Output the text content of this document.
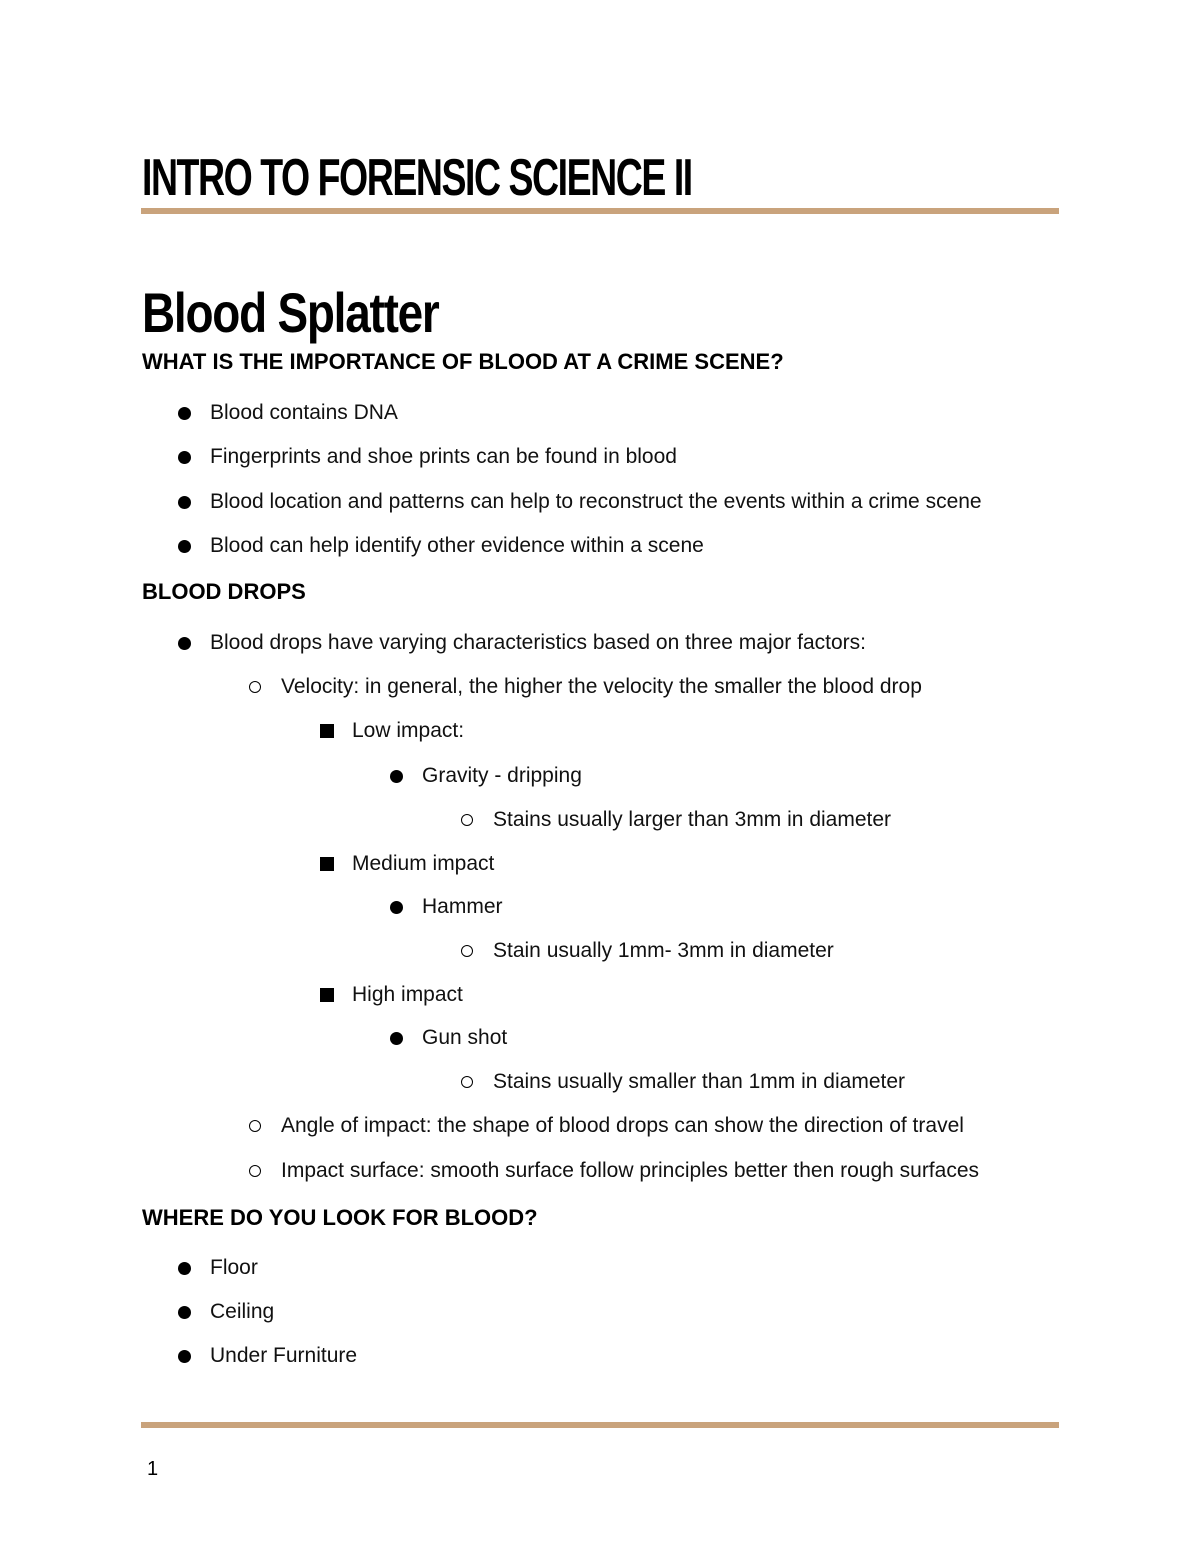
INTRO TO FORENSIC SCIENCE II
Blood Splatter
WHAT IS THE IMPORTANCE OF BLOOD AT A CRIME SCENE?
Blood contains DNA
Fingerprints and shoe prints can be found in blood
Blood location and patterns can help to reconstruct the events within a crime scene
Blood can help identify other evidence within a scene
BLOOD DROPS
Blood drops have varying characteristics based on three major factors:
Velocity: in general, the higher the velocity the smaller the blood drop
Low impact:
Gravity - dripping
Stains usually larger than 3mm in diameter
Medium impact
Hammer
Stain usually 1mm- 3mm in diameter
High impact
Gun shot
Stains usually smaller than 1mm in diameter
Angle of impact: the shape of blood drops can show the direction of travel
Impact surface: smooth surface follow principles better then rough surfaces
WHERE DO YOU LOOK FOR BLOOD?
Floor
Ceiling
Under Furniture
1
